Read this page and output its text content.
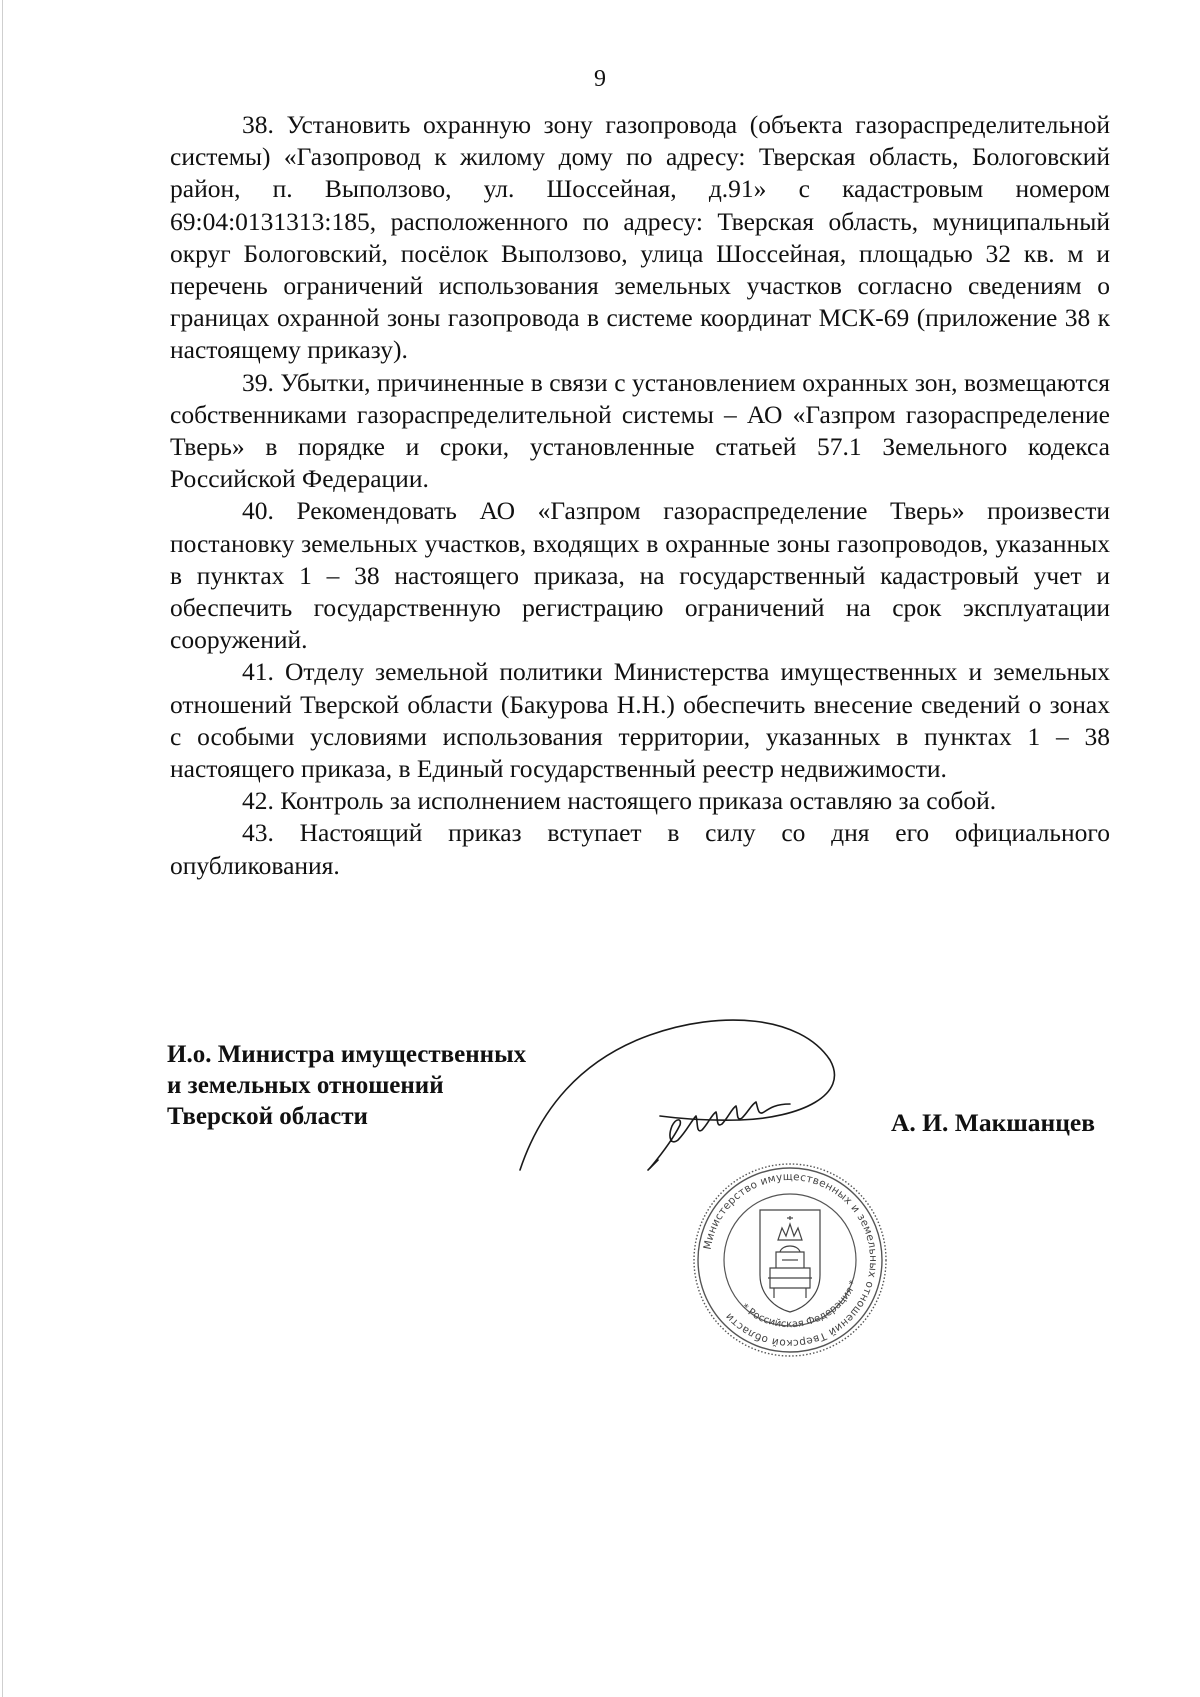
9

38. Установить охранную зону газопровода (объекта газораспределительной системы) «Газопровод к жилому дому по адресу: Тверская область, Бологовский район, п. Выползово, ул. Шоссейная, д.91» с кадастровым номером 69:04:0131313:185, расположенного по адресу: Тверская область, муниципальный округ Бологовский, посёлок Выползово, улица Шоссейная, площадью 32 кв. м и перечень ограничений использования земельных участков согласно сведениям о границах охранной зоны газопровода в системе координат МСК-69 (приложение 38 к настоящему приказу).

39. Убытки, причиненные в связи с установлением охранных зон, возмещаются собственниками газораспределительной системы – АО «Газпром газораспределение Тверь» в порядке и сроки, установленные статьей 57.1 Земельного кодекса Российской Федерации.

40. Рекомендовать АО «Газпром газораспределение Тверь» произвести постановку земельных участков, входящих в охранные зоны газопроводов, указанных в пунктах 1 – 38 настоящего приказа, на государственный кадастровый учет и обеспечить государственную регистрацию ограничений на срок эксплуатации сооружений.

41. Отделу земельной политики Министерства имущественных и земельных отношений Тверской области (Бакурова Н.Н.) обеспечить внесение сведений о зонах с особыми условиями использования территории, указанных в пунктах 1 – 38 настоящего приказа, в Единый государственный реестр недвижимости.

42. Контроль за исполнением настоящего приказа оставляю за собой.

43. Настоящий приказ вступает в силу со дня его официального опубликования.

И.о. Министра имущественных
и земельных отношений
Тверской области	А. И. Макшанцев
Министерство имущественных и земельных отношений Тверской области
* Российская Федерация *
